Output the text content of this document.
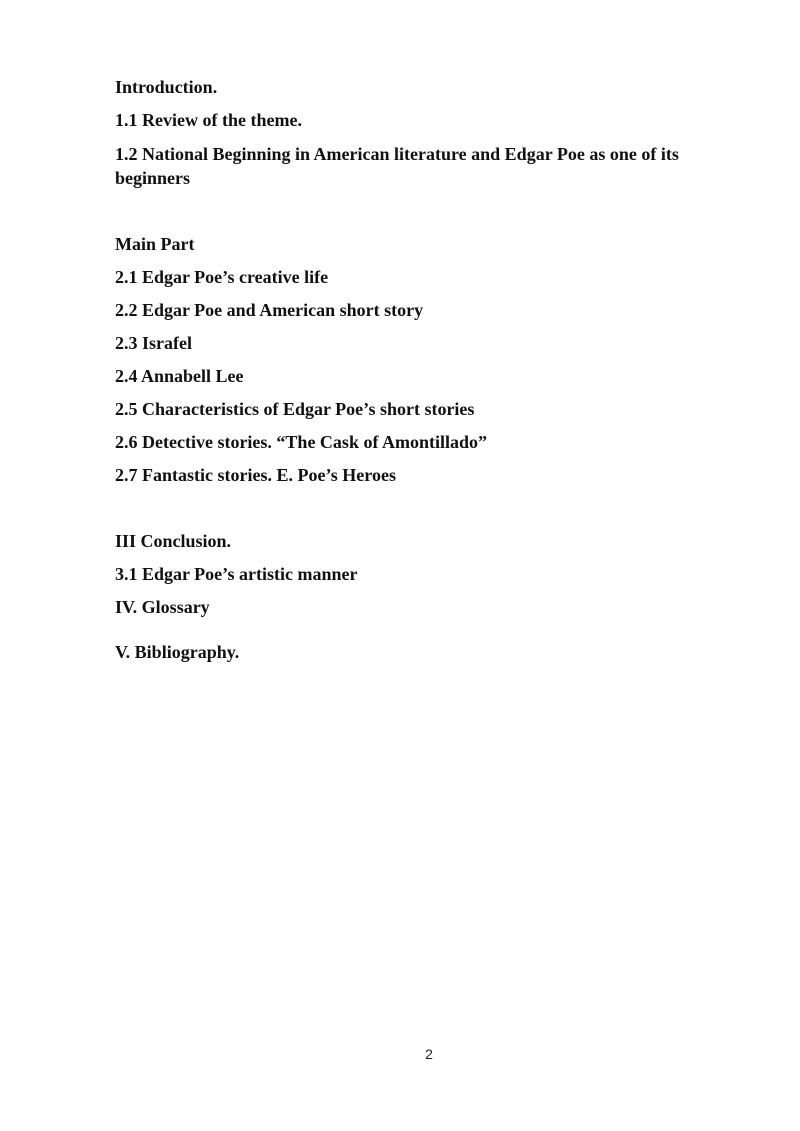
Introduction.

1.1 Review of the theme.

1.2 National Beginning in American literature and Edgar Poe as one of its beginners

Main Part

2.1 Edgar Poe’s creative life

2.2 Edgar Poe and American short story

2.3 Israfel

2.4 Annabell Lee

2.5 Characteristics of Edgar Poe’s short stories

2.6 Detective stories. “The Cask of Amontillado”

2.7 Fantastic stories. E. Poe’s Heroes

III Conclusion.

3.1 Edgar Poe’s artistic manner

IV. Glossary

V. Bibliography.

2
